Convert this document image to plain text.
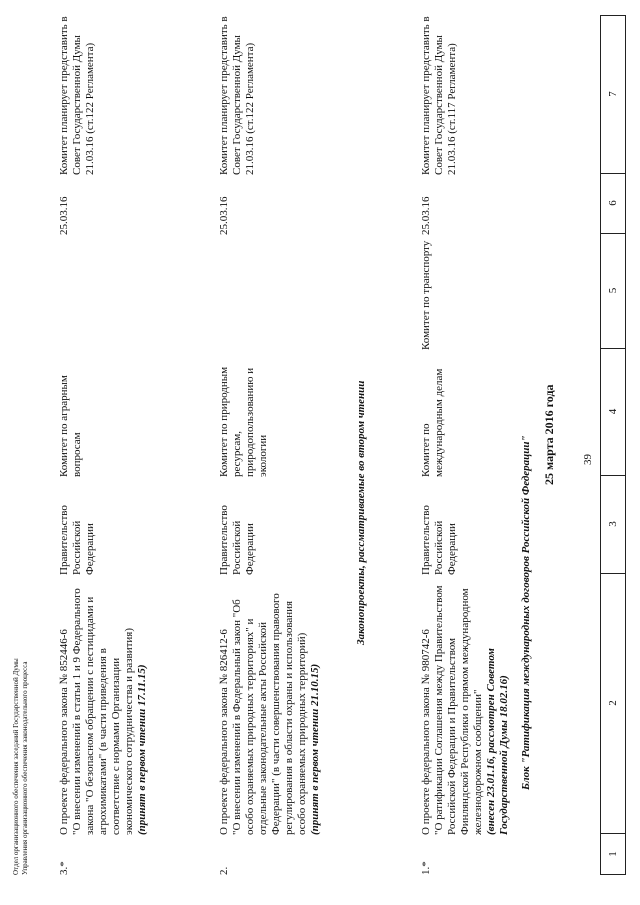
39
1
2
3
4
5
6
7
25 марта 2016 года
Блок "Ратификация международных договоров Российской Федерации"
1.*
О проекте федерального закона № 980742-6 "О ратификации Соглашения между Правительством Российской Федерации и Правительством Финляндской Республики о прямом международном железнодорожном сообщении" (внесен 23.01.16, рассмотрен Советом Государственной Думы 18.02.16)
Правительство Российской Федерации
Комитет по международным делам
Комитет по транспорту
25.03.16
Комитет планирует представить в Совет Государственной Думы 21.03.16 (ст.117 Регламента)
Законопроекты, рассматриваемые во втором чтении
2.
О проекте федерального закона № 826412-6 "О внесении изменений в Федеральный закон "Об особо охраняемых природных территориях" и отдельные законодательные акты Российской Федерации" (в части совершенствования правового регулирования в области охраны и использования особо охраняемых природных территорий) (принят в первом чтении 21.10.15)
Правительство Российской Федерации
Комитет по природным ресурсам, природопользованию и экологии
25.03.16
Комитет планирует представить в Совет Государственной Думы 21.03.16 (ст.122 Регламента)
3.*
О проекте федерального закона № 852446-6 "О внесении изменений в статьи 1 и 9 Федерального закона "О безопасном обращении с пестицидами и агрохимикатами" (в части приведения в соответствие с нормами Организации экономического сотрудничества и развития) (принят в первом чтении 17.11.15)
Правительство Российской Федерации
Комитет по аграрным вопросам
25.03.16
Комитет планирует представить в Совет Государственной Думы 21.03.16 (ст.122 Регламента)
Отдел организационного обеспечения заседаний Государственной Думы Управления организационного обеспечения законодательного процесса
